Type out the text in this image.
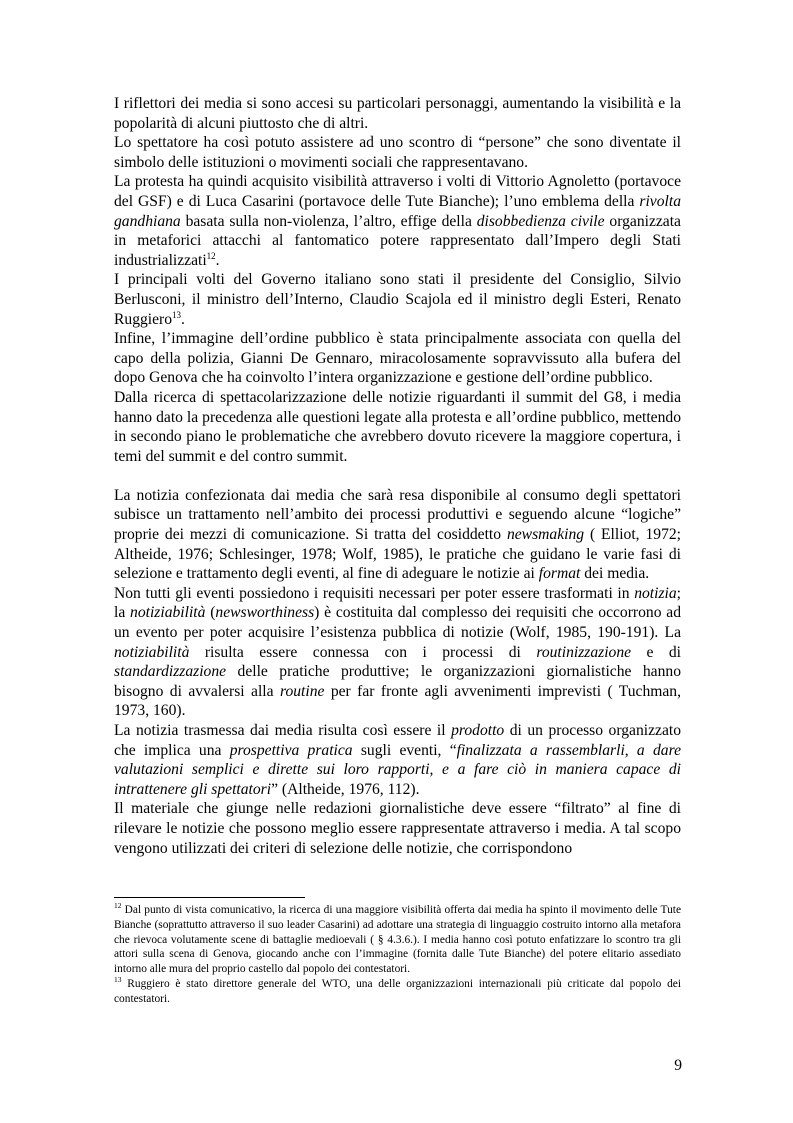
I riflettori dei media si sono accesi su particolari personaggi, aumentando la visibilità e la popolarità di alcuni piuttosto che di altri.

Lo spettatore ha così potuto assistere ad uno scontro di “persone” che sono diventate il simbolo delle istituzioni o movimenti sociali che rappresentavano.

La protesta ha quindi acquisito visibilità attraverso i volti di Vittorio Agnoletto (portavoce del GSF) e di Luca Casarini (portavoce delle Tute Bianche); l’uno emblema della rivolta gandhiana basata sulla non-violenza, l’altro, effige della disobbedienza civile organizzata in metaforici attacchi al fantomatico potere rappresentato dall’Impero degli Stati industrializzati$^{12}$.

I principali volti del Governo italiano sono stati il presidente del Consiglio, Silvio Berlusconi, il ministro dell’Interno, Claudio Scajola ed il ministro degli Esteri, Renato Ruggiero$^{13}$.

Infine, l’immagine dell’ordine pubblico è stata principalmente associata con quella del capo della polizia, Gianni De Gennaro, miracolosamente sopravvissuto alla bufera del dopo Genova che ha coinvolto l’intera organizzazione e gestione dell’ordine pubblico.

Dalla ricerca di spettacolarizzazione delle notizie riguardanti il summit del G8, i media hanno dato la precedenza alle questioni legate alla protesta e all’ordine pubblico, mettendo in secondo piano le problematiche che avrebbero dovuto ricevere la maggiore copertura, i temi del summit e del contro summit.

La notizia confezionata dai media che sarà resa disponibile al consumo degli spettatori subisce un trattamento nell’ambito dei processi produttivi e seguendo alcune “logiche” proprie dei mezzi di comunicazione. Si tratta del cosiddetto newsmaking ( Elliot, 1972; Altheide, 1976; Schlesinger, 1978; Wolf, 1985), le pratiche che guidano le varie fasi di selezione e trattamento degli eventi, al fine di adeguare le notizie ai format dei media.

Non tutti gli eventi possiedono i requisiti necessari per poter essere trasformati in notizia; la notiziabilità (newsworthiness) è costituita dal complesso dei requisiti che occorrono ad un evento per poter acquisire l’esistenza pubblica di notizie (Wolf, 1985, 190-191). La notiziabilità risulta essere connessa con i processi di routinizzazione e di standardizzazione delle pratiche produttive; le organizzazioni giornalistiche hanno bisogno di avvalersi alla routine per far fronte agli avvenimenti imprevisti ( Tuchman, 1973, 160).

La notizia trasmessa dai media risulta così essere il prodotto di un processo organizzato che implica una prospettiva pratica sugli eventi, “finalizzata a rassemblarli, a dare valutazioni semplici e dirette sui loro rapporti, e a fare ciò in maniera capace di intrattenere gli spettatori” (Altheide, 1976, 112).

Il materiale che giunge nelle redazioni giornalistiche deve essere “filtrato” al fine di rilevare le notizie che possono meglio essere rappresentate attraverso i media. A tal scopo vengono utilizzati dei criteri di selezione delle notizie, che corrispondono

$^{12}$ Dal punto di vista comunicativo, la ricerca di una maggiore visibilità offerta dai media ha spinto il movimento delle Tute Bianche (soprattutto attraverso il suo leader Casarini) ad adottare una strategia di linguaggio costruito intorno alla metafora che rievoca volutamente scene di battaglie medioevali ( § 4.3.6.). I media hanno così potuto enfatizzare lo scontro tra gli attori sulla scena di Genova, giocando anche con l’immagine (fornita dalle Tute Bianche) del potere elitario assediato intorno alle mura del proprio castello dal popolo dei contestatori.

$^{13}$ Ruggiero è stato direttore generale del WTO, una delle organizzazioni internazionali più criticate dal popolo dei contestatori.

9
